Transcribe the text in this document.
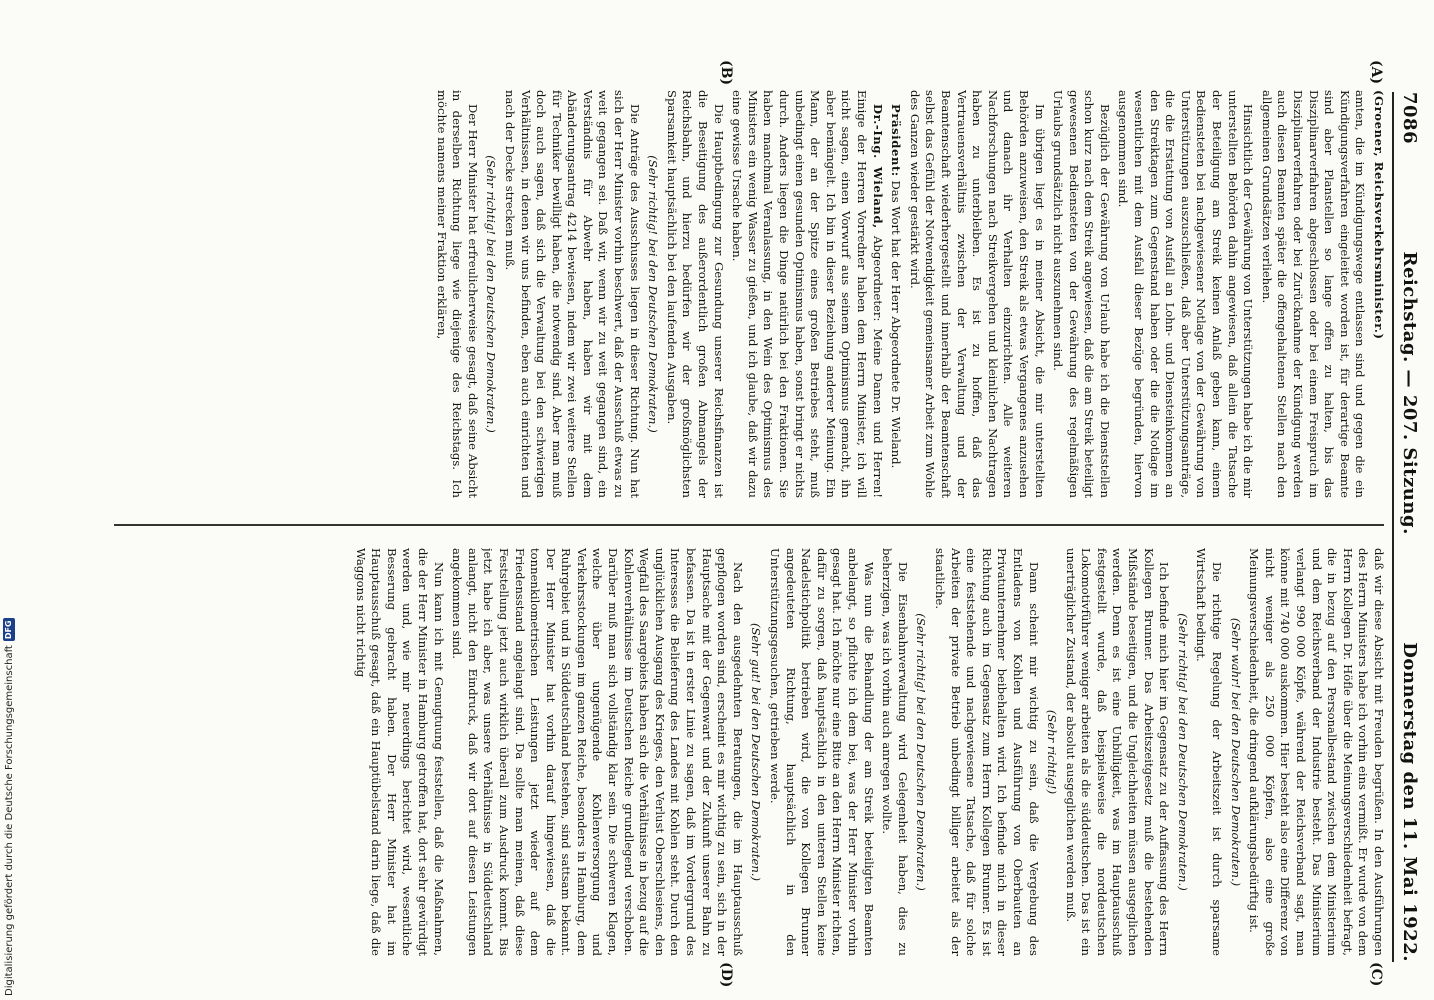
7086
Reichstag. — 207. Sitzung.
Donnerstag den 11. Mai 1922.
(A)
(B)
(C)
(D)

(Groener, Reichsverkehrsminister.)

amten, die im Kündigungswege entlassen sind und gegen die ein Kündigungsverfahren eingeleitet worden ist, für derartige Beamte sind aber Planstellen so lange offen zu halten, bis das Disziplinarverfahren abgeschlossen oder bei einem Freispruch im Disziplinarverfahren oder bei Zurücknahme der Kündigung werden auch diesen Beamten später die offengehaltenen Stellen nach den allgemeinen Grundsätzen verliehen.

Hinsichtlich der Gewährung von Unterstützungen habe ich die mir unterstellten Behörden dahin angewiesen, daß allein die Tatsache der Beteiligung am Streik keinen Anlaß geben kann, einem Bediensteten bei nachgewiesener Notlage von der Gewährung von Unterstützungen auszuschließen, daß aber Unterstützungsanträge, die die Erstattung von Ausfall an Lohn- und Diensteinkommen an den Streiktagen zum Gegenstand haben oder die die Notlage im wesentlichen mit dem Ausfall dieser Bezüge begründen, hiervon ausgenommen sind.

Bezüglich der Gewährung von Urlaub habe ich die Dienststellen schon kurz nach dem Streik angewiesen, daß die am Streik beteiligt gewesenen Bediensteten von der Gewährung des regelmäßigen Urlaubs grundsätzlich nicht auszunehmen sind.

Im übrigen liegt es in meiner Absicht, die mir unterstellten Behörden anzuweisen, den Streik als etwas Vergangenes anzusehen und danach ihr Verhalten einzurichten. Alle weiteren Nachforschungen nach Streikvergehen und kleinlichen Nachtragen haben zu unterbleiben. Es ist zu hoffen, daß das Vertrauensverhältnis zwischen der Verwaltung und der Beamtenschaft wiederhergestellt und innerhalb der Beamtenschaft selbst das Gefühl der Notwendigkeit gemeinsamer Arbeit zum Wohle des Ganzen wieder gestärkt wird.

Präsident: Das Wort hat der Herr Abgeordnete Dr. Wieland.

Dr.-Ing. Wieland, Abgeordneter: Meine Damen und Herren! Einige der Herren Vorredner haben dem Herrn Minister, ich will nicht sagen, einen Vorwurf aus seinem Optimismus gemacht, ihn aber bemängelt. Ich bin in dieser Beziehung anderer Meinung. Ein Mann, der an der Spitze eines großen Betriebes steht, muß unbedingt einen gesunden Optimismus haben, sonst bringt er nichts durch. Anders liegen die Dinge natürlich bei den Fraktionen. Sie haben manchmal Veranlassung, in den Wein des Optimismus des Ministers ein wenig Wasser zu gießen, und ich glaube, daß wir dazu eine gewisse Ursache haben.

Die Hauptbedingung zur Gesundung unserer Reichsfinanzen ist die Beseitigung des außerordentlich großen Abmangels der Reichsbahn, und hierzu bedürfen wir der großmöglichsten Sparsamkeit hauptsächlich bei den laufenden Ausgaben.

(Sehr richtig! bei den Deutschen Demokraten.)

Die Anträge des Ausschusses liegen in dieser Richtung. Nun hat sich der Herr Minister vorhin beschwert, daß der Ausschuß etwas zu weit gegangen sei. Daß wir, wenn wir zu weit gegangen sind, ein Verständnis für Abwehr haben, haben wir mit dem Abänderungsantrag 4214 bewiesen, indem wir zwei weitere Stellen für Techniker bewilligt haben, die notwendig sind. Aber man muß doch auch sagen, daß sich die Verwaltung bei den schwierigen Verhältnissen, in denen wir uns befinden, eben auch einrichten und nach der Decke strecken muß.

(Sehr richtig! bei den Deutschen Demokraten.)

Der Herr Minister hat erfreulicherweise gesagt, daß seine Absicht in derselben Richtung liege wie diejenige des Reichstags. Ich möchte namens meiner Fraktion erklären,

daß wir diese Absicht mit Freuden begrüßen. In den Ausführungen des Herrn Ministers habe ich vorhin eins vermißt. Er wurde von dem Herrn Kollegen Dr. Höfle über die Meinungsverschiedenheit befragt, die in bezug auf den Personalbestand zwischen dem Ministerium und dem Reichsverband der Industrie besteht. Das Ministerium verlangt 990 000 Köpfe, während der Reichsverband sagt, man könne mit 740 000 auskommen. Hier besteht also eine Differenz von nicht weniger als 250 000 Köpfen, also eine große Meinungsverschiedenheit, die dringend aufklärungsbedürftig ist.

(Sehr wahr! bei den Deutschen Demokraten.)

Die richtige Regelung der Arbeitszeit ist durch sparsame Wirtschaft bedingt.

(Sehr richtig! bei den Deutschen Demokraten.)

Ich befinde mich hier im Gegensatz zu der Auffassung des Herrn Kollegen Brunner. Das Arbeitszeitgesetz muß die bestehenden Mißstände beseitigen, und die Ungleichheiten müssen ausgeglichen werden. Denn es ist eine Unbilligkeit, was im Hauptausschuß festgestellt wurde, daß beispielsweise die norddeutschen Lokomotivführer weniger arbeiten als die süddeutschen. Das ist ein unerträglicher Zustand, der absolut ausgeglichen werden muß.

(Sehr richtig!)

Dann scheint mir wichtig zu sein, daß die Vergebung des Entladens von Kohlen und Ausführung von Oberbauten an Privatunternehmer beibehalten wird. Ich befinde mich in dieser Richtung auch im Gegensatz zum Herrn Kollegen Brunner. Es ist eine feststehende und nachgewiesene Tatsache, daß für solche Arbeiten der private Betrieb unbedingt billiger arbeitet als der staatliche.

(Sehr richtig! bei den Deutschen Demokraten.)

Die Eisenbahnverwaltung wird Gelegenheit haben, dies zu beherzigen, was ich vorhin auch anregen wollte.

Was nun die Behandlung der am Streik beteiligten Beamten anbelangt, so pflichte ich dem bei, was der Herr Minister vorhin gesagt hat. Ich möchte nur eine Bitte an den Herrn Minister richten, dafür zu sorgen, daß hauptsächlich in den unteren Stellen keine Nadelstichpolitik betrieben wird, die von Kollegen Brunner angedeuteten Richtung, hauptsächlich in den Unterstützungsgesuchen, getrieben werde.

(Sehr gut! bei den Deutschen Demokraten.)

Nach den ausgedehnten Beratungen, die im Hauptausschuß gepflogen worden sind, erscheint es mir wichtig zu sein, sich in der Hauptsache mit der Gegenwart und der Zukunft unserer Bahn zu befassen. Da ist in erster Linie zu sagen, daß im Vordergrund des Interesses die Belieferung des Landes mit Kohlen steht. Durch den unglücklichen Ausgang des Krieges, den Verlust Oberschlesiens, den Wegfall des Saargebiets haben sich die Verhältnisse in bezug auf die Kohlenverhältnisse im Deutschen Reiche grundlegend verschoben. Darüber muß man sich vollständig klar sein. Die schweren Klagen, welche über ungenügende Kohlenversorgung und Verkehrsstockungen im ganzen Reiche, besonders in Hamburg, dem Ruhrgebiet und in Süddeutschland bestehen, sind sattsam bekannt. Der Herr Minister hat vorhin darauf hingewiesen, daß die tonnenkilometrischen Leistungen jetzt wieder auf dem Friedensstand angelangt sind. Da sollte man meinen, daß diese Feststellung jetzt auch wirklich überall zum Ausdruck kommt. Bis jetzt habe ich aber, was unsere Verhältnisse in Süddeutschland anlangt, nicht den Eindruck, daß wir dort auf diesen Leistungen angekommen sind.

Nun kann ich mit Genugtuung feststellen, daß die Maßnahmen, die der Herr Minister in Hamburg getroffen hat, dort sehr gewürdigt werden und, wie mir neuerdings berichtet wird, wesentliche Besserung gebracht haben. Der Herr Minister hat im Hauptausschuß gesagt, daß ein Hauptübelstand darin liege, daß die Waggons nicht richtig

Digitalisierung gefördert durch die Deutsche Forschungsgemeinschaft
DFG
